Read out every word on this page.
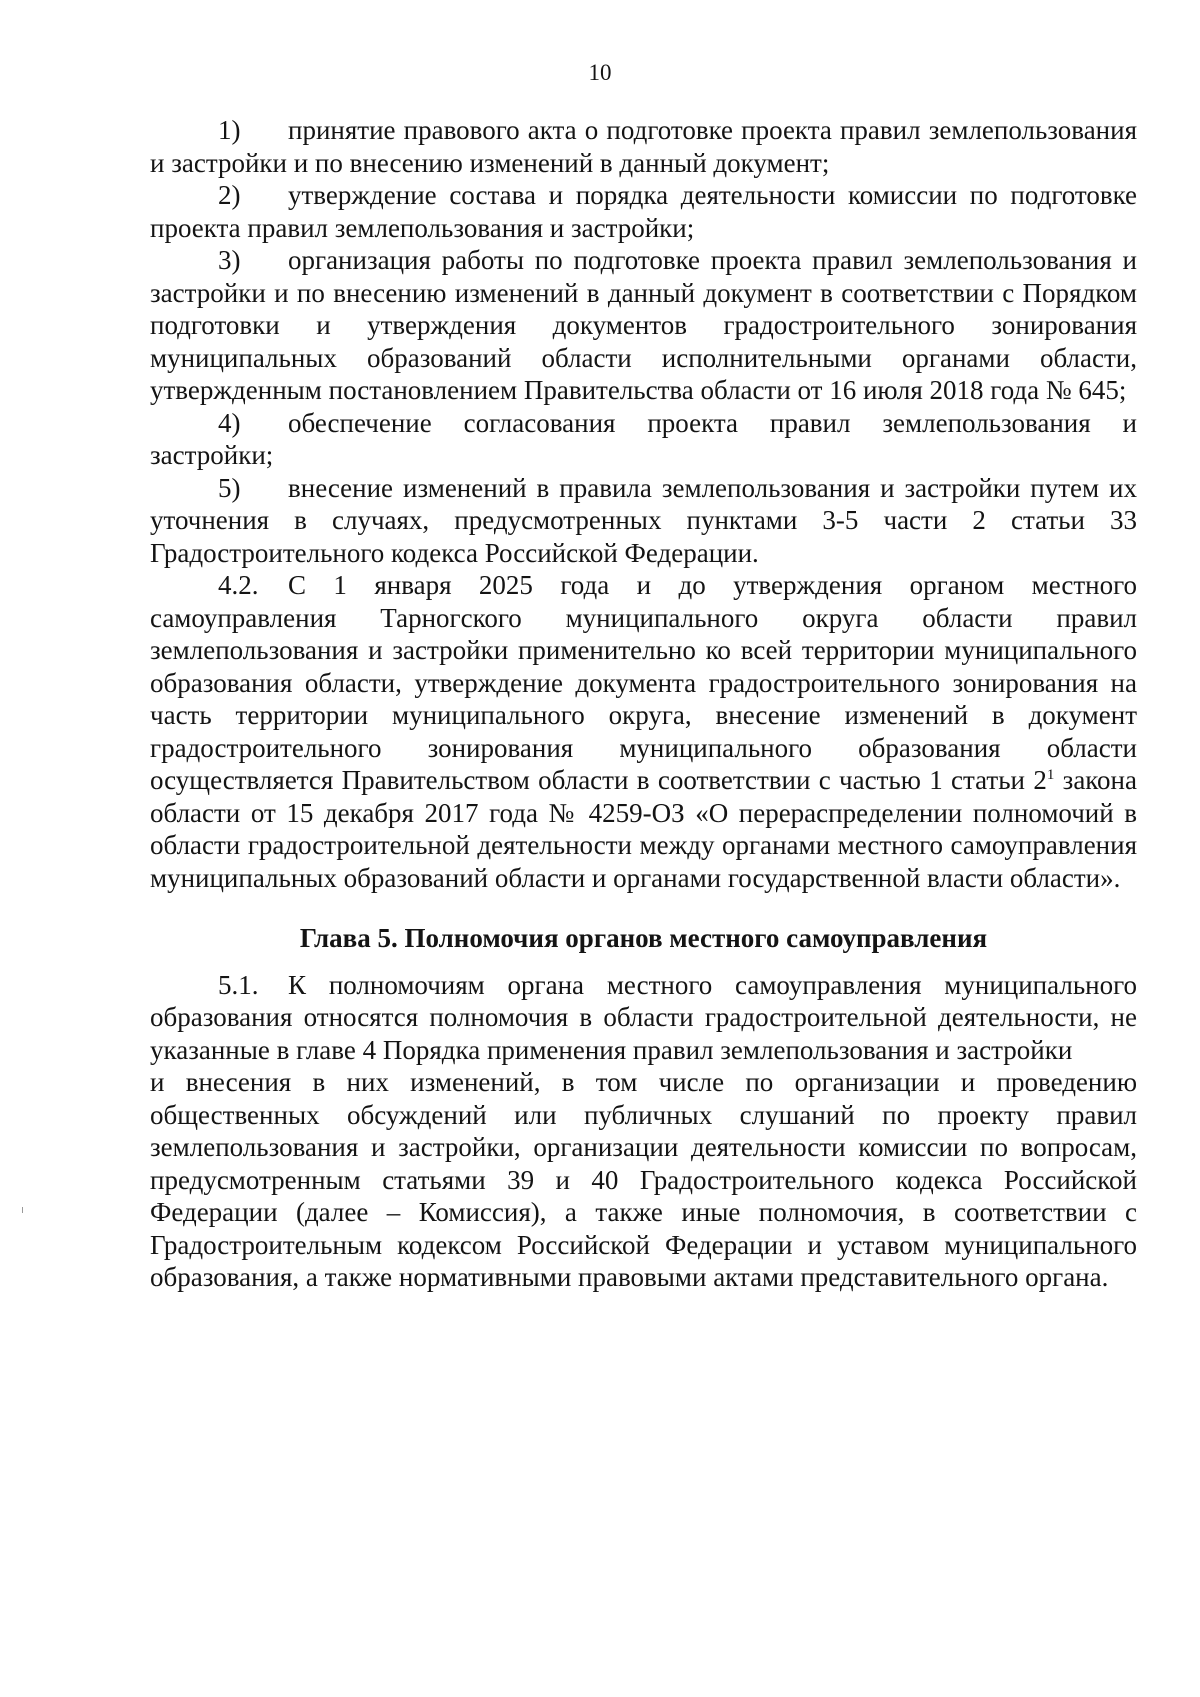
10

1) принятие правового акта о подготовке проекта правил землепользования и застройки и по внесению изменений в данный документ;

2) утверждение состава и порядка деятельности комиссии по подготовке проекта правил землепользования и застройки;

3) организация работы по подготовке проекта правил землепользования и застройки и по внесению изменений в данный документ в соответствии с Порядком подготовки и утверждения документов градостроительного зонирования муниципальных образований области исполнительными органами области, утвержденным постановлением Правительства области от 16 июля 2018 года № 645;

4) обеспечение согласования проекта правил землепользования и застройки;

5) внесение изменений в правила землепользования и застройки путем их уточнения в случаях, предусмотренных пунктами 3-5 части 2 статьи 33 Градостроительного кодекса Российской Федерации.

4.2. С 1 января 2025 года и до утверждения органом местного самоуправления Тарногского муниципального округа области правил землепользования и застройки применительно ко всей территории муниципального образования области, утверждение документа градостроительного зонирования на часть территории муниципального округа, внесение изменений в документ градостроительного зонирования муниципального образования области осуществляется Правительством области в соответствии с частью 1 статьи $2^1$ закона области от 15 декабря 2017 года № 4259-ОЗ «О перераспределении полномочий в области градостроительной деятельности между органами местного самоуправления муниципальных образований области и органами государственной власти области».

Глава 5. Полномочия органов местного самоуправления

5.1. К полномочиям органа местного самоуправления муниципального образования относятся полномочия в области градостроительной деятельности, не указанные в главе 4 Порядка применения правил землепользования и застройки

и внесения в них изменений, в том числе по организации и проведению общественных обсуждений или публичных слушаний по проекту правил землепользования и застройки, организации деятельности комиссии по вопросам, предусмотренным статьями 39 и 40 Градостроительного кодекса Российской Федерации (далее – Комиссия), а также иные полномочия, в соответствии с Градостроительным кодексом Российской Федерации и уставом муниципального образования, а также нормативными правовыми актами представительного органа.
